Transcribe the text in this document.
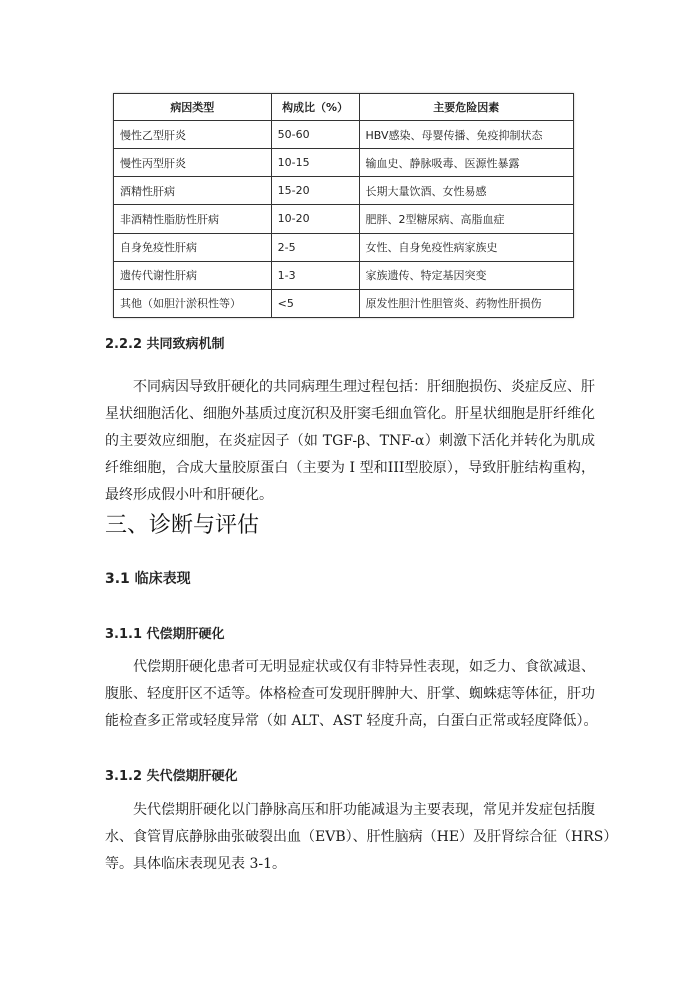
病因类型	构成比（%）	主要危险因素
慢性乙型肝炎	50-60	HBV感染、母婴传播、免疫抑制状态
慢性丙型肝炎	10-15	输血史、静脉吸毒、医源性暴露
酒精性肝病	15-20	长期大量饮酒、女性易感
非酒精性脂肪性肝病	10-20	肥胖、2型糖尿病、高脂血症
自身免疫性肝病	2-5	女性、自身免疫性病家族史
遗传代谢性肝病	1-3	家族遗传、特定基因突变
其他（如胆汁淤积性等）	<5	原发性胆汁性胆管炎、药物性肝损伤
2.2.2 共同致病机制
不同病因导致肝硬化的共同病理生理过程包括：肝细胞损伤、炎症反应、肝
星状细胞活化、细胞外基质过度沉积及肝窦毛细血管化。肝星状细胞是肝纤维化
的主要效应细胞，在炎症因子（如 TGF-β、TNF-α）刺激下活化并转化为肌成
纤维细胞，合成大量胶原蛋白（主要为 I 型和III型胶原），导致肝脏结构重构，
最终形成假小叶和肝硬化。
三、诊断与评估
3.1 临床表现
3.1.1 代偿期肝硬化
代偿期肝硬化患者可无明显症状或仅有非特异性表现，如乏力、食欲减退、
腹胀、轻度肝区不适等。体格检查可发现肝脾肿大、肝掌、蜘蛛痣等体征，肝功
能检查多正常或轻度异常（如 ALT、AST 轻度升高，白蛋白正常或轻度降低）。
3.1.2 失代偿期肝硬化
失代偿期肝硬化以门静脉高压和肝功能减退为主要表现，常见并发症包括腹
水、食管胃底静脉曲张破裂出血（EVB）、肝性脑病（HE）及肝肾综合征（HRS）
等。具体临床表现见表 3-1。
